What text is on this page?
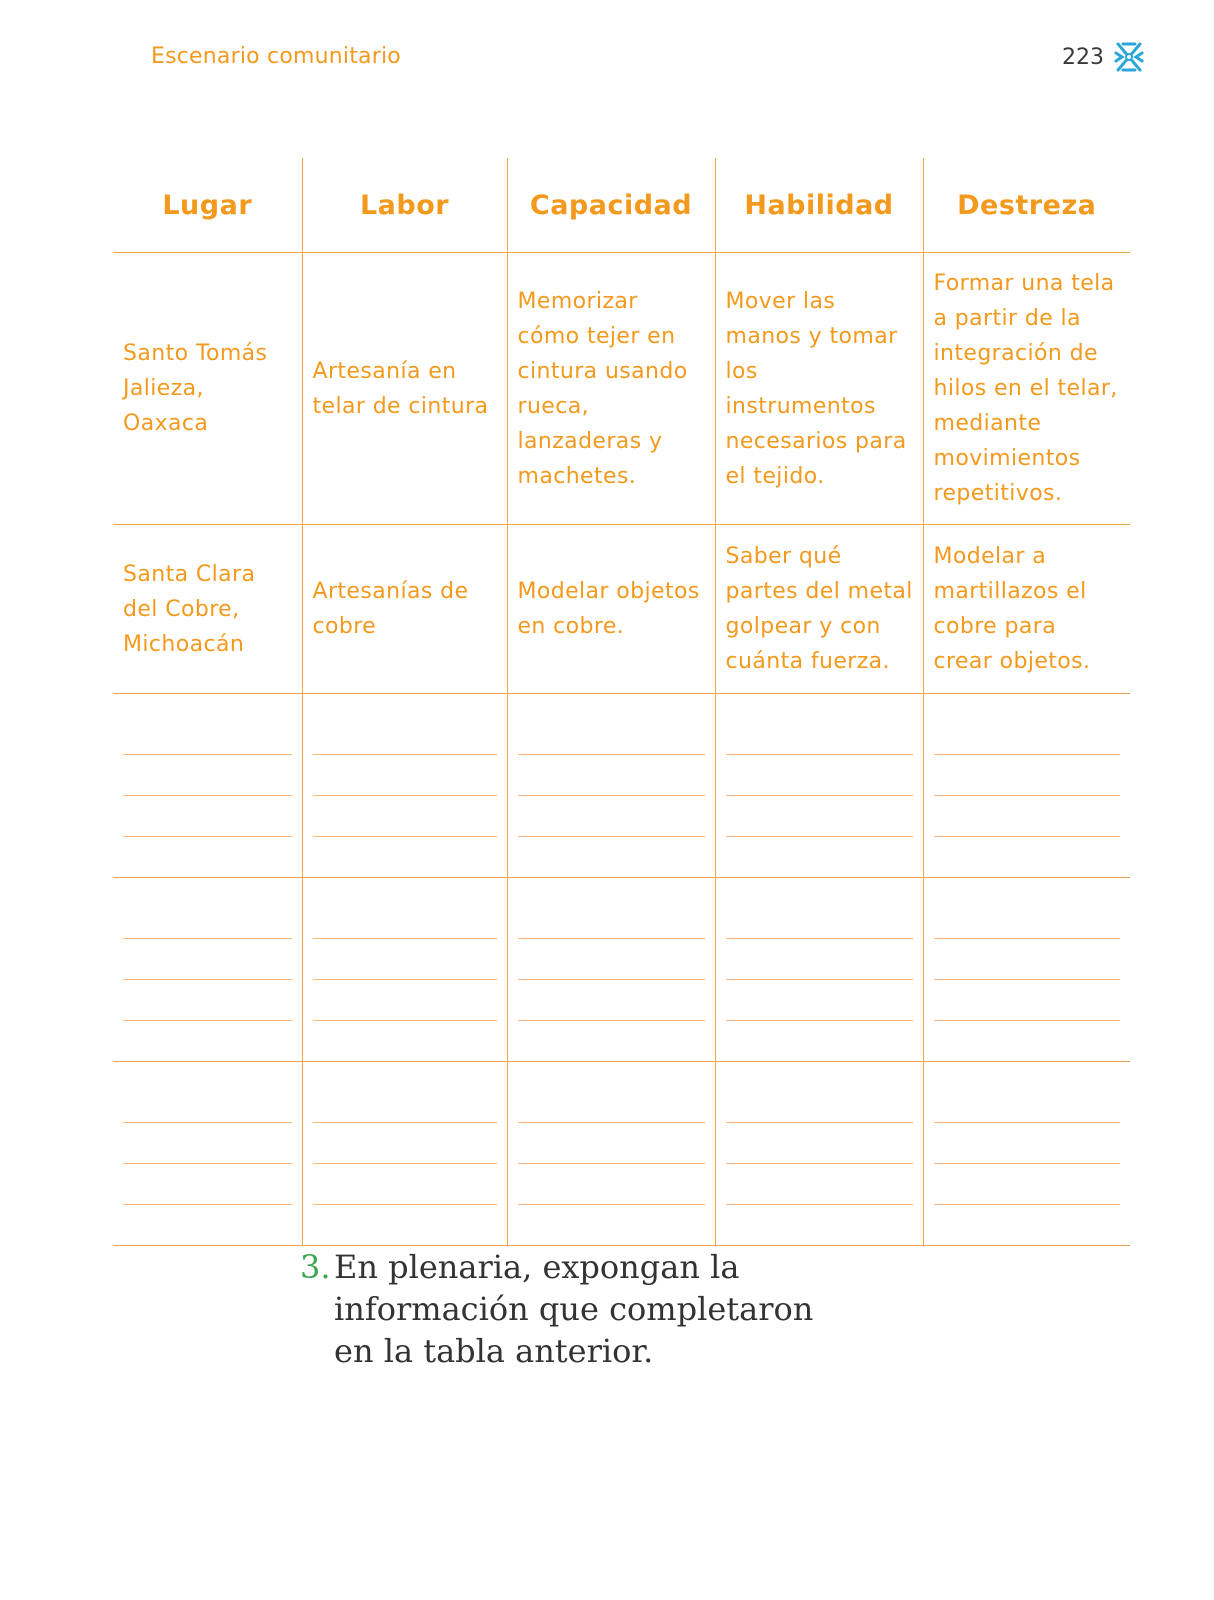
Escenario comunitario	223
Lugar	Labor	Capacidad	Habilidad	Destreza
Santo Tomás Jalieza, Oaxaca	Artesanía en telar de cintura	Memorizar cómo tejer en cintura usando rueca, lanzaderas y machetes.	Mover las manos y tomar los instrumentos necesarios para el tejido.	Formar una tela a partir de la integración de hilos en el telar, mediante movimientos repetitivos.
Santa Clara del Cobre, Michoacán	Artesanías de cobre	Modelar objetos en cobre.	Saber qué partes del metal golpear y con cuánta fuerza.	Modelar a martillazos el cobre para crear objetos.

3. En plenaria, expongan la información que completaron en la tabla anterior.
